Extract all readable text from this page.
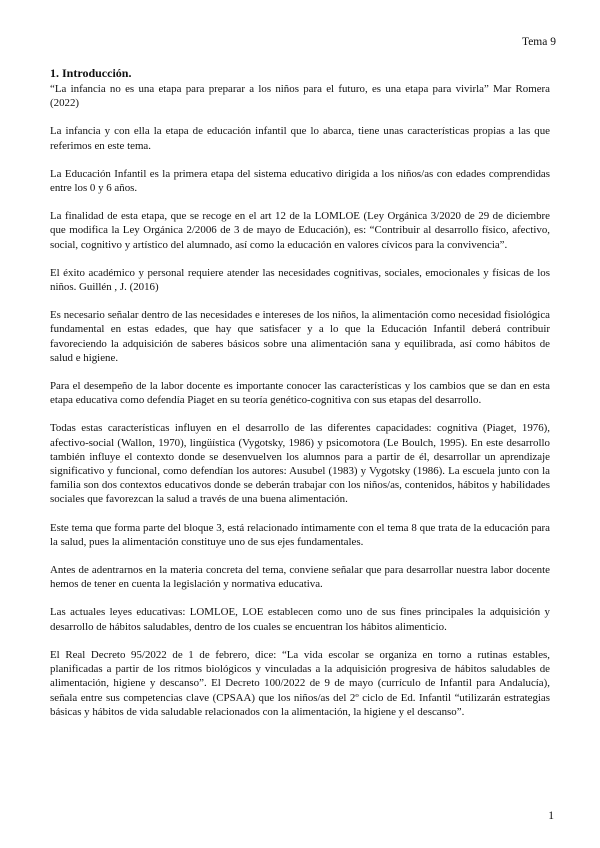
Tema 9
1. Introducción.

“La infancia no es una etapa para preparar a los niños para el futuro, es una etapa para vivirla” Mar Romera (2022)

La infancia y con ella la etapa de educación infantil que lo abarca, tiene unas características propias a las que referimos en este tema.

La Educación Infantil es la primera etapa del sistema educativo dirigida a los niños/as con edades comprendidas entre los 0 y 6 años.

La finalidad de esta etapa, que se recoge en el art 12 de la LOMLOE (Ley Orgánica 3/2020 de 29 de diciembre que modifica la Ley Orgánica 2/2006 de 3 de mayo de Educación), es: “Contribuir al desarrollo físico, afectivo, social, cognitivo y artístico del alumnado, así como la educación en valores cívicos para la convivencia”.

El éxito académico y personal requiere atender las necesidades cognitivas, sociales, emocionales y físicas de los niños. Guillén , J. (2016)

Es necesario señalar dentro de las necesidades e intereses de los niños, la alimentación como necesidad fisiológica fundamental en estas edades, que hay que satisfacer y a lo que la Educación Infantil deberá contribuir favoreciendo la adquisición de saberes básicos sobre una alimentación sana y equilibrada, así como hábitos de salud e higiene.

Para el desempeño de la labor docente es importante conocer las características y los cambios que se dan en esta etapa educativa como defendía Piaget en su teoría genético-cognitiva con sus etapas del desarrollo.

Todas estas características influyen en el desarrollo de las diferentes capacidades: cognitiva (Piaget, 1976), afectivo-social (Wallon, 1970), lingüística (Vygotsky, 1986) y psicomotora (Le Boulch, 1995). En este desarrollo también influye el contexto donde se desenvuelven los alumnos para a partir de él, desarrollar un aprendizaje significativo y funcional, como defendían los autores: Ausubel (1983) y Vygotsky (1986). La escuela junto con la familia son dos contextos educativos donde se deberán trabajar con los niños/as, contenidos, hábitos y habilidades sociales que favorezcan la salud a través de una buena alimentación.

Este tema que forma parte del bloque 3, está relacionado íntimamente con el tema 8 que trata de la educación para la salud, pues la alimentación constituye uno de sus ejes fundamentales.

Antes de adentrarnos en la materia concreta del tema, conviene señalar que para desarrollar nuestra labor docente hemos de tener en cuenta la legislación y normativa educativa.

Las actuales leyes educativas: LOMLOE, LOE establecen como uno de sus fines principales la adquisición y desarrollo de hábitos saludables, dentro de los cuales se encuentran los hábitos alimenticio.

El Real Decreto 95/2022 de 1 de febrero, dice: “La vida escolar se organiza en torno a rutinas estables, planificadas a partir de los ritmos biológicos y vinculadas a la adquisición progresiva de hábitos saludables de alimentación, higiene y descanso”. El Decreto 100/2022 de 9 de mayo (currículo de Infantil para Andalucía), señala entre sus competencias clave (CPSAA) que los niños/as del 2º ciclo de Ed. Infantil “utilizarán estrategias básicas y hábitos de vida saludable relacionados con la alimentación, la higiene y el descanso”.

1
